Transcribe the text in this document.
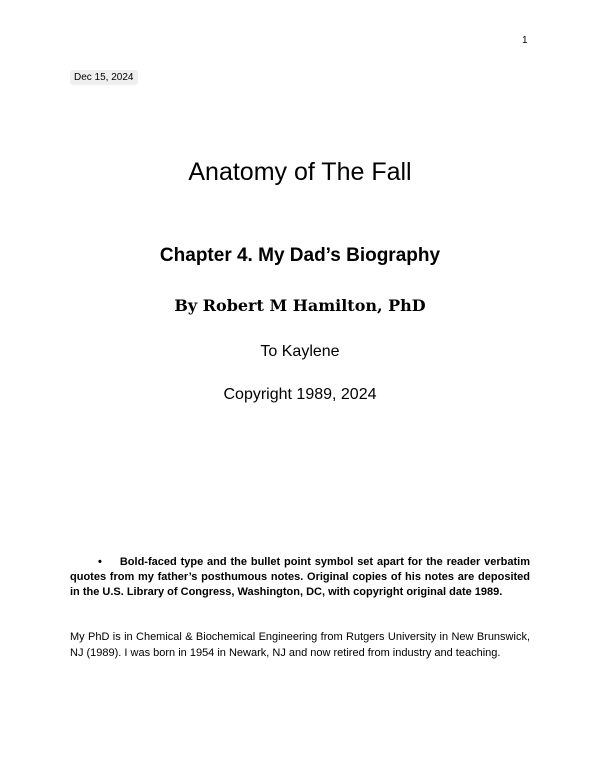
1
Dec 15, 2024
Anatomy of The Fall
Chapter 4. My Dad’s Biography
By Robert M Hamilton, PhD
To Kaylene
Copyright 1989, 2024
• Bold-faced type and the bullet point symbol set apart for the reader verbatim quotes from my father’s posthumous notes. Original copies of his notes are deposited in the U.S. Library of Congress, Washington, DC, with copyright original date 1989.
My PhD is in Chemical & Biochemical Engineering from Rutgers University in New Brunswick, NJ (1989). I was born in 1954 in Newark, NJ and now retired from industry and teaching.
